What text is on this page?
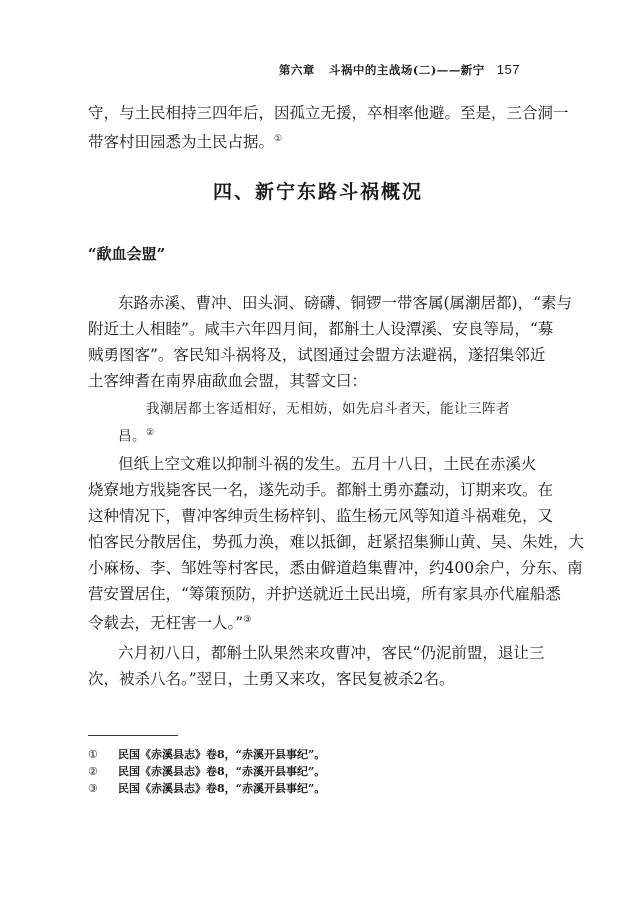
第六章 斗祸中的主战场(二)——新宁 157
守，与土民相持三四年后，因孤立无援，卒相率他避。至是，三合洞一
带客村田园悉为土民占据。①
四、新宁东路斗祸概况
“歃血会盟”
东路赤溪、曹冲、田头洞、磅礴、铜锣一带客属(属潮居都)，“素与
附近土人相睦”。咸丰六年四月间，都斛土人设潭溪、安良等局，“募
贼勇图客”。客民知斗祸将及，试图通过会盟方法避祸，遂招集邻近
土客绅耆在南界庙歃血会盟，其誓文曰：
我潮居都土客适相好，无相妨，如先启斗者天，能让三阵者
昌。②
但纸上空文难以抑制斗祸的发生。五月十八日，土民在赤溪火
烧寮地方戕毙客民一名，遂先动手。都斛土勇亦蠢动，订期来攻。在
这种情况下，曹冲客绅贡生杨梓钊、监生杨元风等知道斗祸难免，又
怕客民分散居住，势孤力涣，难以抵御，赶紧招集狮山黄、吴、朱姓，大
小麻杨、李、邹姓等村客民，悉由僻道趋集曹冲，约400余户，分东、南
营安置居住，“筹策预防，并护送就近土民出境，所有家具亦代雇船悉
令载去，无枉害一人。”③
六月初八日，都斛土队果然来攻曹冲，客民“仍泥前盟，退让三
次，被杀八名。”翌日，土勇又来攻，客民复被杀2名。
①	民国《赤溪县志》卷8，“赤溪开县事纪”。
②	民国《赤溪县志》卷8，“赤溪开县事纪”。
③	民国《赤溪县志》卷8，“赤溪开县事纪”。
